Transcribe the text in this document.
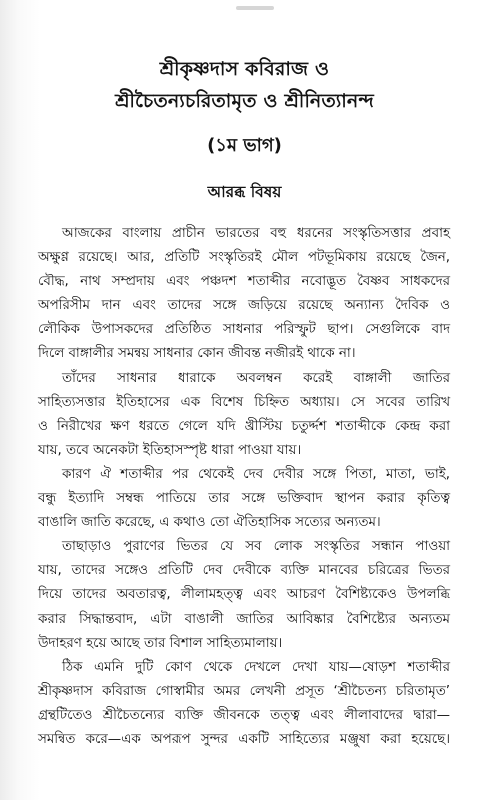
শ্রীকৃষ্ণদাস কবিরাজ ও
শ্রীচৈতন্যচরিতামৃত ও শ্রীনিত্যানন্দ
(১ম ভাগ)
আরব্ধ বিষয়
আজকের বাংলায় প্রাচীন ভারতের বহু ধরনের সংস্কৃতিসত্তার প্রবাহ
অক্ষুণ্ণ রয়েছে। আর, প্রতিটি সংস্কৃতিরই মৌল পটভূমিকায় রয়েছে জৈন,
বৌদ্ধ, নাথ সম্প্রদায় এবং পঞ্চদশ শতাব্দীর নবোদ্ভূত বৈষ্ণব সাধকদের
অপরিসীম দান এবং তাদের সঙ্গে জড়িয়ে রয়েছে অন্যান্য দৈবিক ও
লৌকিক উপাসকদের প্রতিষ্ঠিত সাধনার পরিস্ফুট ছাপ। সেগুলিকে বাদ
দিলে বাঙ্গালীর সমন্বয় সাধনার কোন জীবন্ত নজীরই থাকে না।
তাঁদের সাধনার ধারাকে অবলম্বন করেই বাঙ্গালী জাতির
সাহিত্যসত্তার ইতিহাসের এক বিশেষ চিহ্নিত অধ্যায়। সে সবের তারিখ
ও নিরীখের ক্ষণ ধরতে গেলে যদি খ্রীস্টিয় চতুর্দ্দশ শতাব্দীকে কেন্দ্র করা
যায়, তবে অনেকটা ইতিহাসস্পৃষ্ট ধারা পাওয়া যায়।
কারণ ঐ শতাব্দীর পর থেকেই দেব দেবীর সঙ্গে পিতা, মাতা, ভাই,
বন্ধু ইত্যাদি সম্বন্ধ পাতিয়ে তার সঙ্গে ভক্তিবাদ স্থাপন করার কৃতিত্ব
বাঙালি জাতি করেছে, এ কথাও তো ঐতিহাসিক সত্যের অন্যতম।
তাছাড়াও পুরাণের ভিতর যে সব লোক সংস্কৃতির সন্ধান পাওয়া
যায়, তাদের সঙ্গেও প্রতিটি দেব দেবীকে ব্যক্তি মানবের চরিত্রের ভিতর
দিয়ে তাদের অবতারত্ব, লীলামহত্ত্ব এবং আচরণ বৈশিষ্ট্যকেও উপলব্ধি
করার সিদ্ধান্তবাদ, এটা বাঙালী জাতির আবিষ্কার বৈশিষ্ট্যের অন্যতম
উদাহরণ হয়ে আছে তার বিশাল সাহিত্যমালায়।
ঠিক এমনি দুটি কোণ থেকে দেখলে দেখা যায়—ষোড়শ শতাব্দীর
শ্রীকৃষ্ণদাস কবিরাজ গোস্বামীর অমর লেখনী প্রসূত ‘শ্রীচৈতন্য চরিতামৃত’
গ্রন্থটিতেও শ্রীচৈতন্যের ব্যক্তি জীবনকে তত্ত্ব এবং লীলাবাদের দ্বারা—
সমন্বিত করে—এক অপরূপ সুন্দর একটি সাহিত্যের মঞ্জুষা করা হয়েছে।
